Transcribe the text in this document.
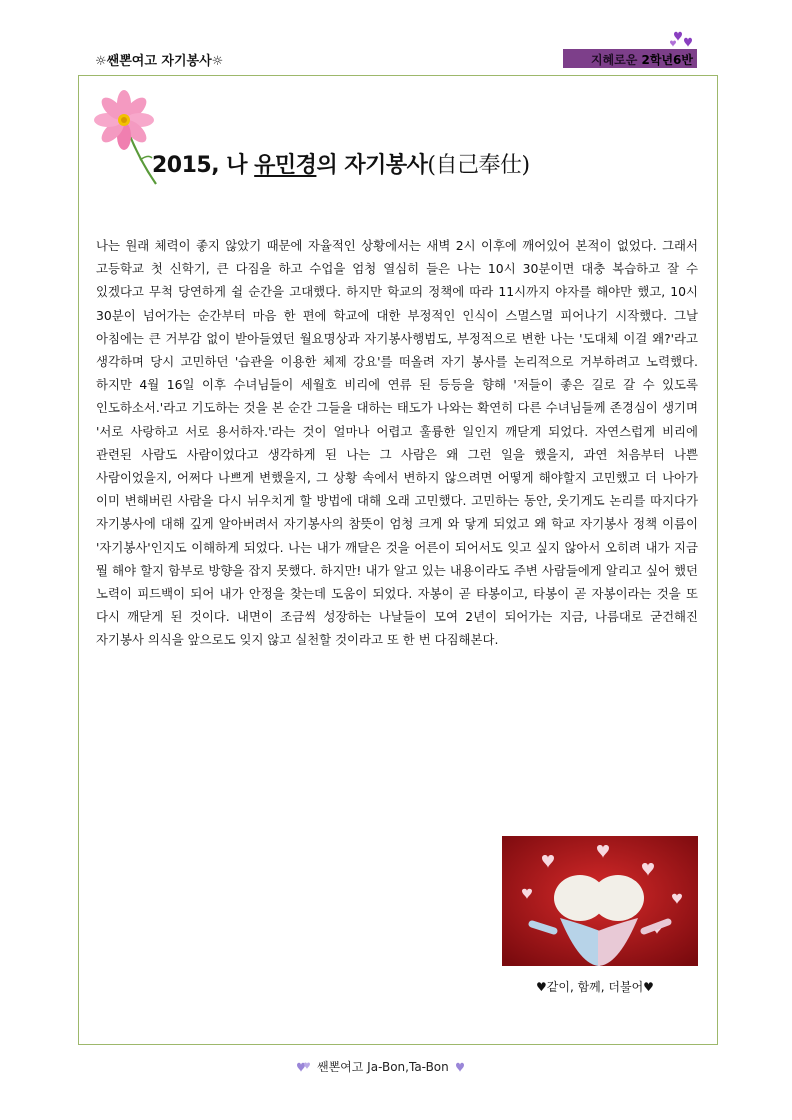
☼쌘뽄여고 자기봉사☼	지혜로운 2학년6반
2015, 나 유민경의 자기봉사(自己奉仕)

나는 원래 체력이 좋지 않았기 때문에 자율적인 상황에서는 새벽 2시 이후에 깨어있어 본적이 없었다. 그래서 고등학교 첫 신학기, 큰 다짐을 하고 수업을 엄청 열심히 들은 나는 10시 30분이면 대충 복습하고 잘 수 있겠다고 무척 당연하게 쉴 순간을 고대했다. 하지만 학교의 정책에 따라 11시까지 야자를 해야만 했고, 10시 30분이 넘어가는 순간부터 마음 한 편에 학교에 대한 부정적인 인식이 스멀스멀 피어나기 시작했다. 그날 아침에는 큰 거부감 없이 받아들였던 월요명상과 자기봉사행범도, 부정적으로 변한 나는 '도대체 이걸 왜?'라고 생각하며 당시 고민하던 '습관을 이용한 체제 강요'를 떠올려 자기 봉사를 논리적으로 거부하려고 노력했다. 하지만 4월 16일 이후 수녀님들이 세월호 비리에 연류 된 등등을 향해 '저들이 좋은 길로 갈 수 있도록 인도하소서.'라고 기도하는 것을 본 순간 그들을 대하는 태도가 나와는 확연히 다른 수녀님들께 존경심이 생기며 '서로 사랑하고 서로 용서하자.'라는 것이 얼마나 어렵고 훌륭한 일인지 깨닫게 되었다. 자연스럽게 비리에 관련된 사람도 사람이었다고 생각하게 된 나는 그 사람은 왜 그런 일을 했을지, 과연 처음부터 나쁜 사람이었을지, 어쩌다 나쁘게 변했을지, 그 상황 속에서 변하지 않으려면 어떻게 해야할지 고민했고 더 나아가 이미 변해버린 사람을 다시 뉘우치게 할 방법에 대해 오래 고민했다. 고민하는 동안, 웃기게도 논리를 따지다가 자기봉사에 대해 깊게 알아버려서 자기봉사의 참뜻이 엄청 크게 와 닿게 되었고 왜 학교 자기봉사 정책 이름이 '자기봉사'인지도 이해하게 되었다. 나는 내가 깨달은 것을 어른이 되어서도 잊고 싶지 않아서 오히려 내가 지금 뭘 해야 할지 함부로 방향을 잡지 못했다. 하지만! 내가 알고 있는 내용이라도 주변 사람들에게 알리고 싶어 했던 노력이 피드백이 되어 내가 안정을 찾는데 도움이 되었다. 자봉이 곧 타봉이고, 타봉이 곧 자봉이라는 것을 또 다시 깨닫게 된 것이다. 내면이 조금씩 성장하는 나날들이 모여 2년이 되어가는 지금, 나름대로 굳건해진 자기봉사 의식을 앞으로도 잊지 않고 실천할 것이라고 또 한 번 다짐해본다.

♥같이, 함께, 더불어♥
쌘뽄여고 Ja-Bon,Ta-Bon
